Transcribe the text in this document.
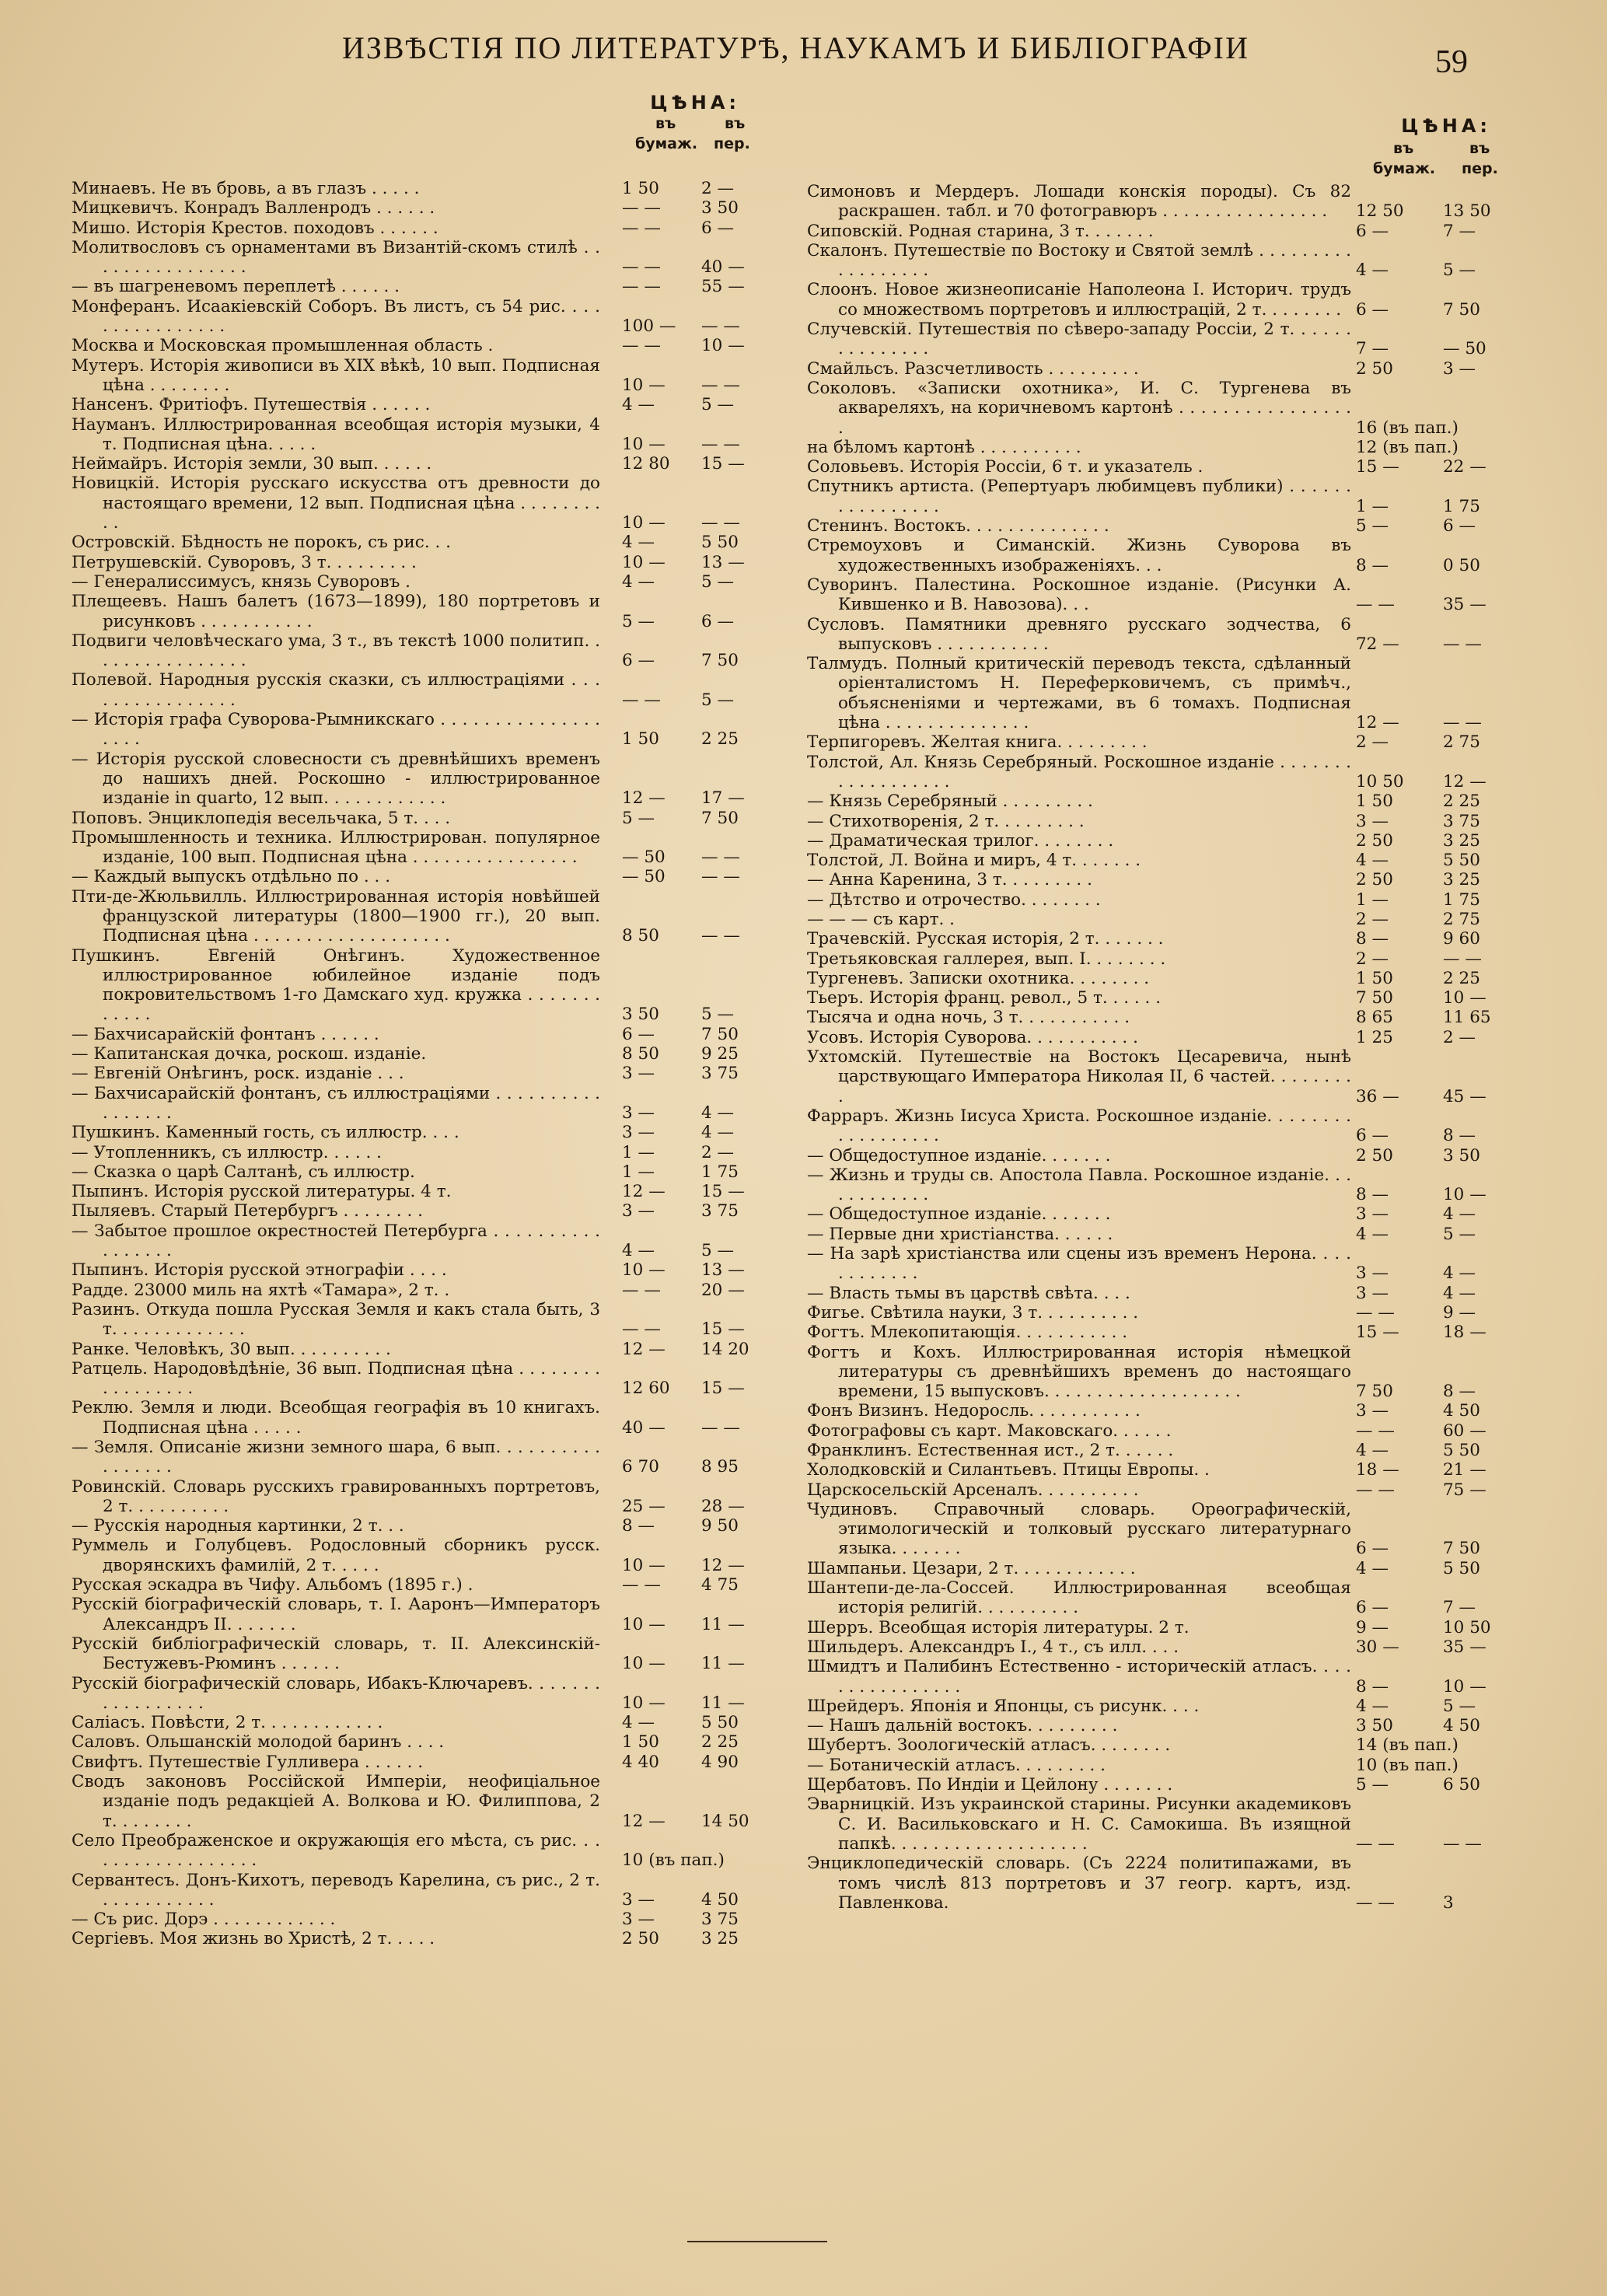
ИЗВѢСТІЯ ПО ЛИТЕРАТУРѢ, НАУКАМЪ И БИБЛІОГРАФІИ	59
ЦѢНА:
въ	въ
бумаж. пер.
Минаевъ. Не въ бровь, а въ глазъ . . . . .	1 50	2 —
Мицкевичъ. Конрадъ Валленродъ . . . . . .	— —	3 50
Мишо. Исторія Крестов. походовъ . . . . . .	— —	6 —
Молитвословъ съ орнаментами въ Византій-скомъ стилѣ . . . . . . . . . . . . . . . .	— —	40 —
— въ шагреневомъ переплетѣ . . . . . .	— —	55 —
Монферанъ. Исаакіевскій Соборъ. Въ листъ, съ 54 рис. . . . . . . . . . . . . . . .	100 —	— —
Москва и Московская промышленная область .	— —	10 —
Мутеръ. Исторія живописи въ XIX вѣкѣ, 10 вып. Подписная цѣна . . . . . . . .	10 —	— —
Нансенъ. Фритіофъ. Путешествія . . . . . .	4 —	5 —
Науманъ. Иллюстрированная всеобщая исторія музыки, 4 т. Подписная цѣна. . . . .	10 —	— —
Неймайръ. Исторія земли, 30 вып. . . . . .	12 80	15 —
Новицкій. Исторія русскаго искусства отъ древности до настоящаго времени, 12 вып. Подписная цѣна . . . . . . . . . .	10 —	— —
Островскій. Бѣдность не порокъ, съ рис. . .	4 —	5 50
Петрушевскій. Суворовъ, 3 т. . . . . . . . .	10 —	13 —
— Генералиссимусъ, князь Суворовъ .	4 —	5 —
Плещеевъ. Нашъ балетъ (1673—1899), 180 портретовъ и рисунковъ . . . . . . . . . . .	5 —	6 —
Подвиги человѣческаго ума, 3 т., въ текстѣ 1000 политип. . . . . . . . . . . . . . . .	6 —	7 50
Полевой. Народныя русскія сказки, съ иллюстраціями . . . . . . . . . . . . . . . .	— —	5 —
— Исторія графа Суворова-Рымникскаго . . . . . . . . . . . . . . . . . . .	1 50	2 25
— Исторія русской словесности съ древнѣйшихъ временъ до нашихъ дней. Роскошно - иллюстрированное изданіе in quarto, 12 вып. . . . . . . . . . . .	12 —	17 —
Поповъ. Энциклопедія весельчака, 5 т. . . .	5 —	7 50
Промышленность и техника. Иллюстрирован. популярное изданіе, 100 вып. Подписная цѣна . . . . . . . . . . . . . . . .	— 50	— —
— Каждый выпускъ отдѣльно по . . .	— 50	— —
Пти-де-Жюльвилль. Иллюстрированная исторія новѣйшей французской литературы (1800—1900 гг.), 20 вып. Подписная цѣна . . . . . . . . . . . . . . . . . . .	8 50	— —
Пушкинъ. Евгеній Онѣгинъ. Художественное иллюстрированное юбилейное изданіе подъ покровительствомъ 1-го Дамскаго худ. кружка . . . . . . . . . . . .	3 50	5 —
— Бахчисарайскій фонтанъ . . . . . .	6 —	7 50
— Капитанская дочка, роскош. изданіе.	8 50	9 25
— Евгеній Онѣгинъ, роск. изданіе . . .	3 —	3 75
— Бахчисарайскій фонтанъ, съ иллюстраціями . . . . . . . . . . . . . . . . .	3 —	4 —
Пушкинъ. Каменный гость, съ иллюстр. . . .	3 —	4 —
— Утопленникъ, съ иллюстр. . . . . .	1 —	2 —
— Сказка о царѣ Салтанѣ, съ иллюстр.	1 —	1 75
Пыпинъ. Исторія русской литературы. 4 т.	12 —	15 —
Пыляевъ. Старый Петербургъ . . . . . . . .	3 —	3 75
— Забытое прошлое окрестностей Петербурга . . . . . . . . . . . . . . . . .	4 —	5 —
Пыпинъ. Исторія русской этнографіи . . . .	10 —	13 —
Радде. 23000 миль на яхтѣ «Тамара», 2 т. .	— —	20 —
Разинъ. Откуда пошла Русская Земля и какъ стала быть, 3 т. . . . . . . . . . . . .	— —	15 —
Ранке. Человѣкъ, 30 вып. . . . . . . . . .	12 —	14 20
Ратцель. Народовѣдѣніе, 36 вып. Подписная цѣна . . . . . . . . . . . . . . . . .	12 60	15 —
Реклю. Земля и люди. Всеобщая географія въ 10 книгахъ. Подписная цѣна . . . . .	40 —	— —
— Земля. Описаніе жизни земного шара, 6 вып. . . . . . . . . . . . . . . . .	6 70	8 95
Ровинскій. Словарь русскихъ гравированныхъ портретовъ, 2 т. . . . . . . . . .	25 —	28 —
— Русскія народныя картинки, 2 т. . .	8 —	9 50
Руммель и Голубцевъ. Родословный сборникъ русск. дворянскихъ фамилій, 2 т. . . . .	10 —	12 —
Русская эскадра въ Чифу. Альбомъ (1895 г.) .	— —	4 75
Русскій біографическій словарь, т. I. Ааронъ—Императоръ Александръ II. . . . . . .	10 —	11 —
Русскій библіографическій словарь, т. II. Алексинскій-Бестужевъ-Рюминъ . . . . . .	10 —	11 —
Русскій біографическій словарь, Ибакъ-Ключаревъ. . . . . . . . . . . . . . . . .	10 —	11 —
Саліасъ. Повѣсти, 2 т. . . . . . . . . . . .	4 —	5 50
Саловъ. Ольшанскій молодой баринъ . . . .	1 50	2 25
Свифтъ. Путешествіе Гулливера . . . . . .	4 40	4 90
Сводъ законовъ Россійской Имперіи, неофиціальное изданіе подъ редакціей А. Волкова и Ю. Филиппова, 2 т. . . . . . . .	12 —	14 50
Село Преображенское и окружающія его мѣста, съ рис. . . . . . . . . . . . . . . . . .	10 (въ пап.)
Сервантесъ. Донъ-Кихотъ, переводъ Карелина, съ рис., 2 т. . . . . . . . . . . .	3 —	4 50
— Съ рис. Дорэ . . . . . . . . . . . .	3 —	3 75
Сергіевъ. Моя жизнь во Христѣ, 2 т. . . . .	2 50	3 25
ЦѢНА:
въ	въ
бумаж. пер.
Симоновъ и Мердеръ. Лошади конскія породы). Съ 82 раскрашен. табл. и 70 фотогравюръ . . . . . . . . . . . . . . . .	12 50	13 50
Сиповскій. Родная старина, 3 т. . . . . . .	6 —	7 —
Скалонъ. Путешествіе по Востоку и Святой землѣ . . . . . . . . . . . . . . . . . .	4 —	5 —
Слоонъ. Новое жизнеописаніе Наполеона I. Историч. трудъ со множествомъ портретовъ и иллюстрацій, 2 т. . . . . . . . 6 —	7 50
Случевскій. Путешествія по сѣверо-западу Россіи, 2 т. . . . . . . . . . . . . . .	7 —	— 50
Смайльсъ. Разсчетливость . . . . . . . . .	2 50	3 —
Соколовъ. «Записки охотника», И. С. Тургенева въ аквареляхъ, на коричневомъ картонѣ . . . . . . . . . . . . . . . . .	16 (въ пап.)
на бѣломъ картонѣ . . . . . . . . . .	12 (въ пап.)
Соловьевъ. Исторія Россіи, 6 т. и указатель .	15 —	22 —
Спутникъ артиста. (Репертуаръ любимцевъ публики) . . . . . . . . . . . . . . . .	1 —	1 75
Стенинъ. Востокъ. . . . . . . . . . . . . .	5 —	6 —
Стремоуховъ и Симанскій. Жизнь Суворова въ художественныхъ изображеніяхъ. . .	8 —	0 50
Суворинъ. Палестина. Роскошное изданіе. (Рисунки А. Кившенко и В. Навозова). . .	— —	35 —
Сусловъ. Памятники древняго русскаго зодчества, 6 выпусковъ . . . . . . . . . . .	72 —	— —
Талмудъ. Полный критическій переводъ текста, сдѣланный оріенталистомъ Н. Переферковичемъ, съ примѣч., объясненіями и чертежами, въ 6 томахъ. Подписная цѣна . . . . . . . . . . . . . .	12 —	— —
Терпигоревъ. Желтая книга. . . . . . . . .	2 —	2 75
Толстой, Ал. Князь Серебряный. Роскошное изданіе . . . . . . . . . . . . . . . . . .	10 50	12 —
— Князь Серебряный . . . . . . . . .	1 50	2 25
— Стихотворенія, 2 т. . . . . . . . .	3 —	3 75
— Драматическая трилог. . . . . . . .	2 50	3 25
Толстой, Л. Война и миръ, 4 т. . . . . . .	4 —	5 50
— Анна Каренина, 3 т. . . . . . . . .	2 50	3 25
— Дѣтство и отрочество. . . . . . . .	1 —	1 75
— — — съ карт. .	2 —	2 75
Трачевскій. Русская исторія, 2 т. . . . . . .	8 —	9 60
Третьяковская галлерея, вып. I. . . . . . . .	2 —	— —
Тургеневъ. Записки охотника. . . . . . . .	1 50	2 25
Тьеръ. Исторія франц. револ., 5 т. . . . . .	7 50	10 —
Тысяча и одна ночь, 3 т. . . . . . . . . . .	8 65	11 65
Усовъ. Исторія Суворова. . . . . . . . . . .	1 25	2 —
Ухтомскій. Путешествіе на Востокъ Цесаревича, нынѣ царствующаго Императора Николая II, 6 частей. . . . . . . . .	36 —	45 —
Фарраръ. Жизнь Іисуса Христа. Роскошное изданіе. . . . . . . . . . . . . . . . . .	6 —	8 —
— Общедоступное изданіе. . . . . . .	2 50	3 50
— Жизнь и труды св. Апостола Павла. Роскошное изданіе. . . . . . . . . . . .	8 —	10 —
— Общедоступное изданіе. . . . . . .	3 —	4 —
— Первые дни христіанства. . . . . .	4 —	5 —
— На зарѣ христіанства или сцены изъ временъ Нерона. . . . . . . . . . . .	3 —	4 —
— Власть тьмы въ царствѣ свѣта. . . .	3 —	4 —
Фигье. Свѣтила науки, 3 т. . . . . . . . . .	— —	9 —
Фогтъ. Млекопитающія. . . . . . . . . . .	15 —	18 —
Фогтъ и Кохъ. Иллюстрированная исторія нѣмецкой литературы съ древнѣйшихъ временъ до настоящаго времени, 15 выпусковъ. . . . . . . . . . . . . . . . . . .	7 50	8 —
Фонъ Визинъ. Недоросль. . . . . . . . . . .	3 —	4 50
Фотографовы съ карт. Маковскаго. . . . . .	— —	60 —
Франклинъ. Естественная ист., 2 т. . . . . .	4 —	5 50
Холодковскій и Силантьевъ. Птицы Европы. .	18 —	21 —
Царскосельскій Арсеналъ. . . . . . . . . .	— —	75 —
Чудиновъ. Справочный словарь. Орѳографическій, этимологическій и толковый русскаго литературнаго языка. . . . . . .	6 —	7 50
Шампаньи. Цезари, 2 т. . . . . . . . . . . .	4 —	5 50
Шантепи-де-ла-Соссей. Иллюстрированная всеобщая исторія религій. . . . . . . . . .	6 —	7 —
Шерръ. Всеобщая исторія литературы. 2 т.	9 —	10 50
Шильдеръ. Александръ I., 4 т., съ илл. . . .	30 —	35 —
Шмидтъ и Палибинъ Естественно - историческій атласъ. . . . . . . . . . . . . . . .	8 —	10 —
Шрейдеръ. Японія и Японцы, съ рисунк. . . .	4 —	5 —
— Нашъ дальній востокъ. . . . . . . . .	3 50	4 50
Шубертъ. Зоологическій атласъ. . . . . . . .	14 (въ пап.)
— Ботаническій атласъ. . . . . . . . .	10 (въ пап.)
Щербатовъ. По Индіи и Цейлону . . . . . . .	5 —	6 50
Эварницкій. Изъ украинской старины. Рисунки академиковъ С. И. Васильковскаго и Н. С. Самокиша. Въ изящной папкѣ. . . . . . . . . . . . . . . . . . .	— —	— —
Энциклопедическій словарь. (Съ 2224 политипажами, въ томъ числѣ 813 портретовъ и 37 геогр. картъ, изд. Павленкова.	— —	3
